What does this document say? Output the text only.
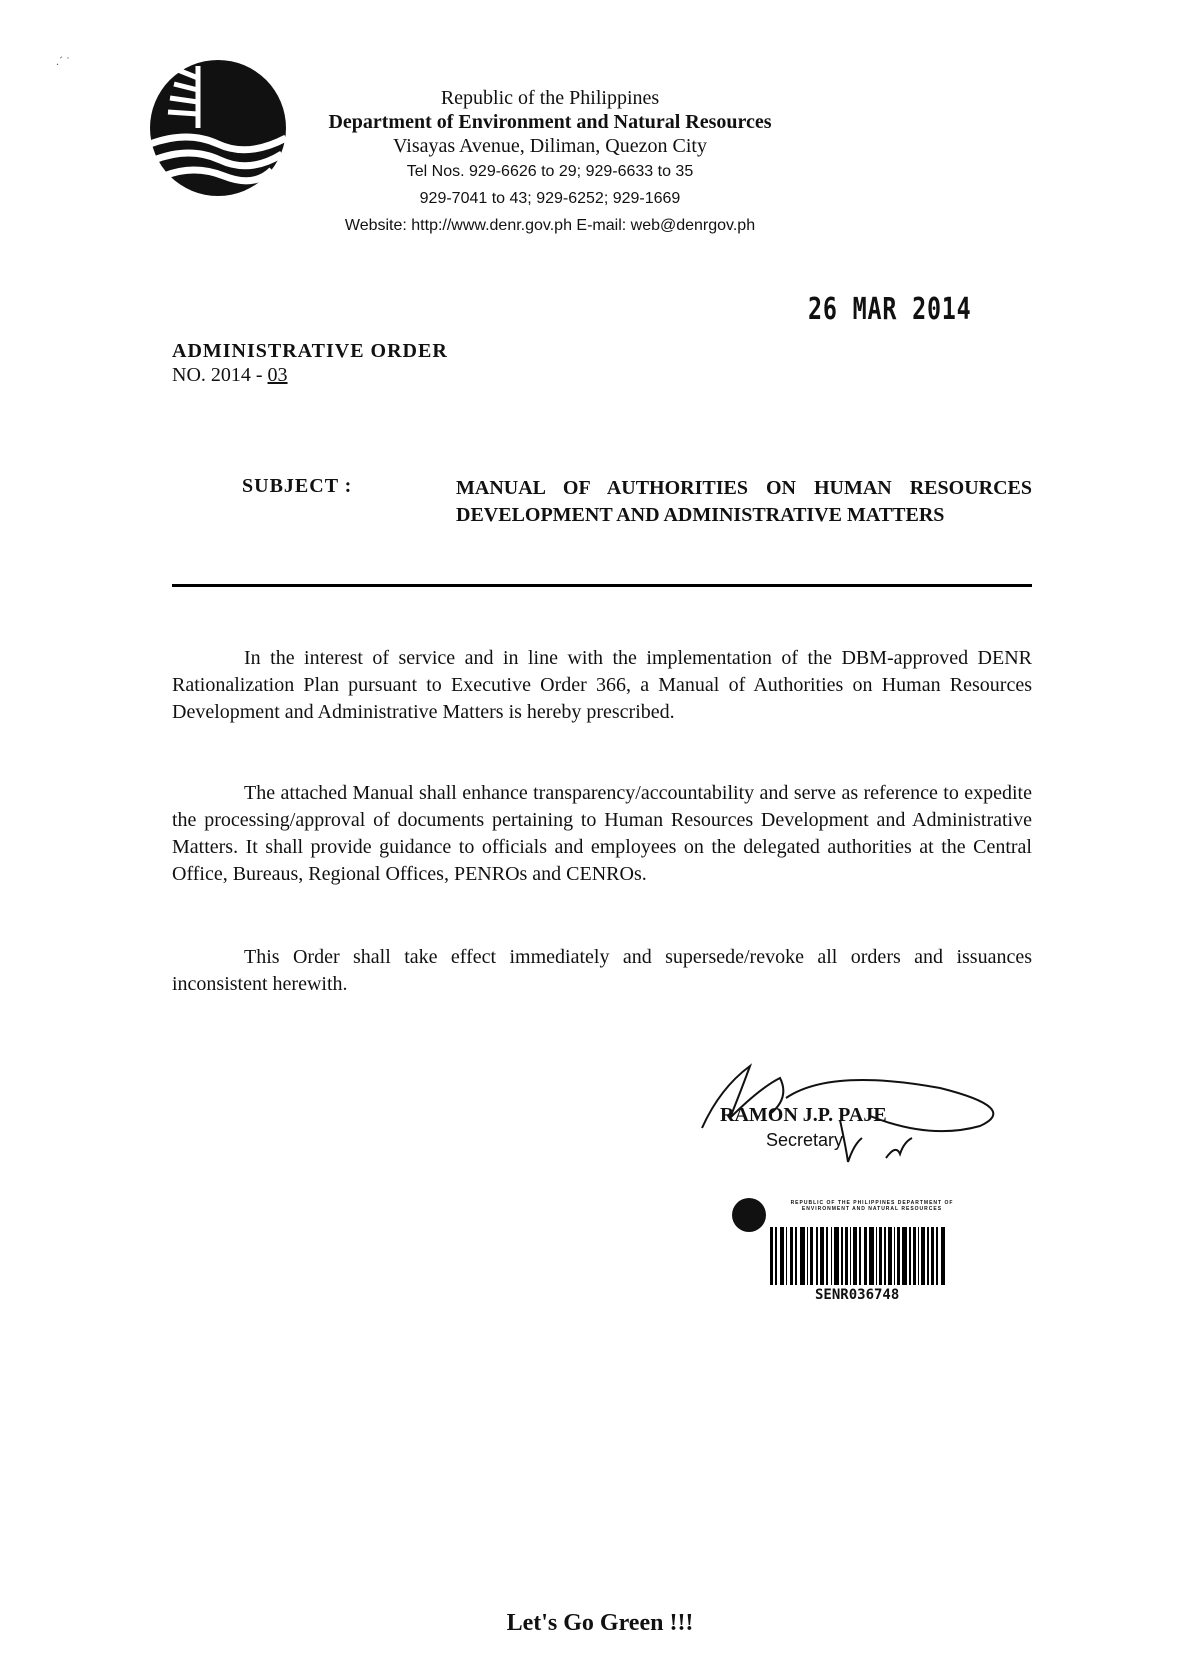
.´ ˙
Republic of the Philippines
Department of Environment and Natural Resources
Visayas Avenue, Diliman, Quezon City
Tel Nos. 929-6626 to 29; 929-6633 to 35
929-7041 to 43; 929-6252; 929-1669
Website: http://www.denr.gov.ph E-mail: web@denrgov.ph
26 MAR 2014
ADMINISTRATIVE ORDER
NO. 2014 - 03
SUBJECT :	MANUAL OF AUTHORITIES ON HUMAN RESOURCES DEVELOPMENT AND ADMINISTRATIVE MATTERS
In the interest of service and in line with the implementation of the DBM-approved DENR Rationalization Plan pursuant to Executive Order 366, a Manual of Authorities on Human Resources Development and Administrative Matters is hereby prescribed.
The attached Manual shall enhance transparency/accountability and serve as reference to expedite the processing/approval of documents pertaining to Human Resources Development and Administrative Matters. It shall provide guidance to officials and employees on the delegated authorities at the Central Office, Bureaus, Regional Offices, PENROs and CENROs.
This Order shall take effect immediately and supersede/revoke all orders and issuances inconsistent herewith.
RAMON J.P. PAJE
Secretary
REPUBLIC OF THE PHILIPPINES DEPARTMENT OF ENVIRONMENT AND NATURAL RESOURCES
SENR036748
Let's Go Green !!!
